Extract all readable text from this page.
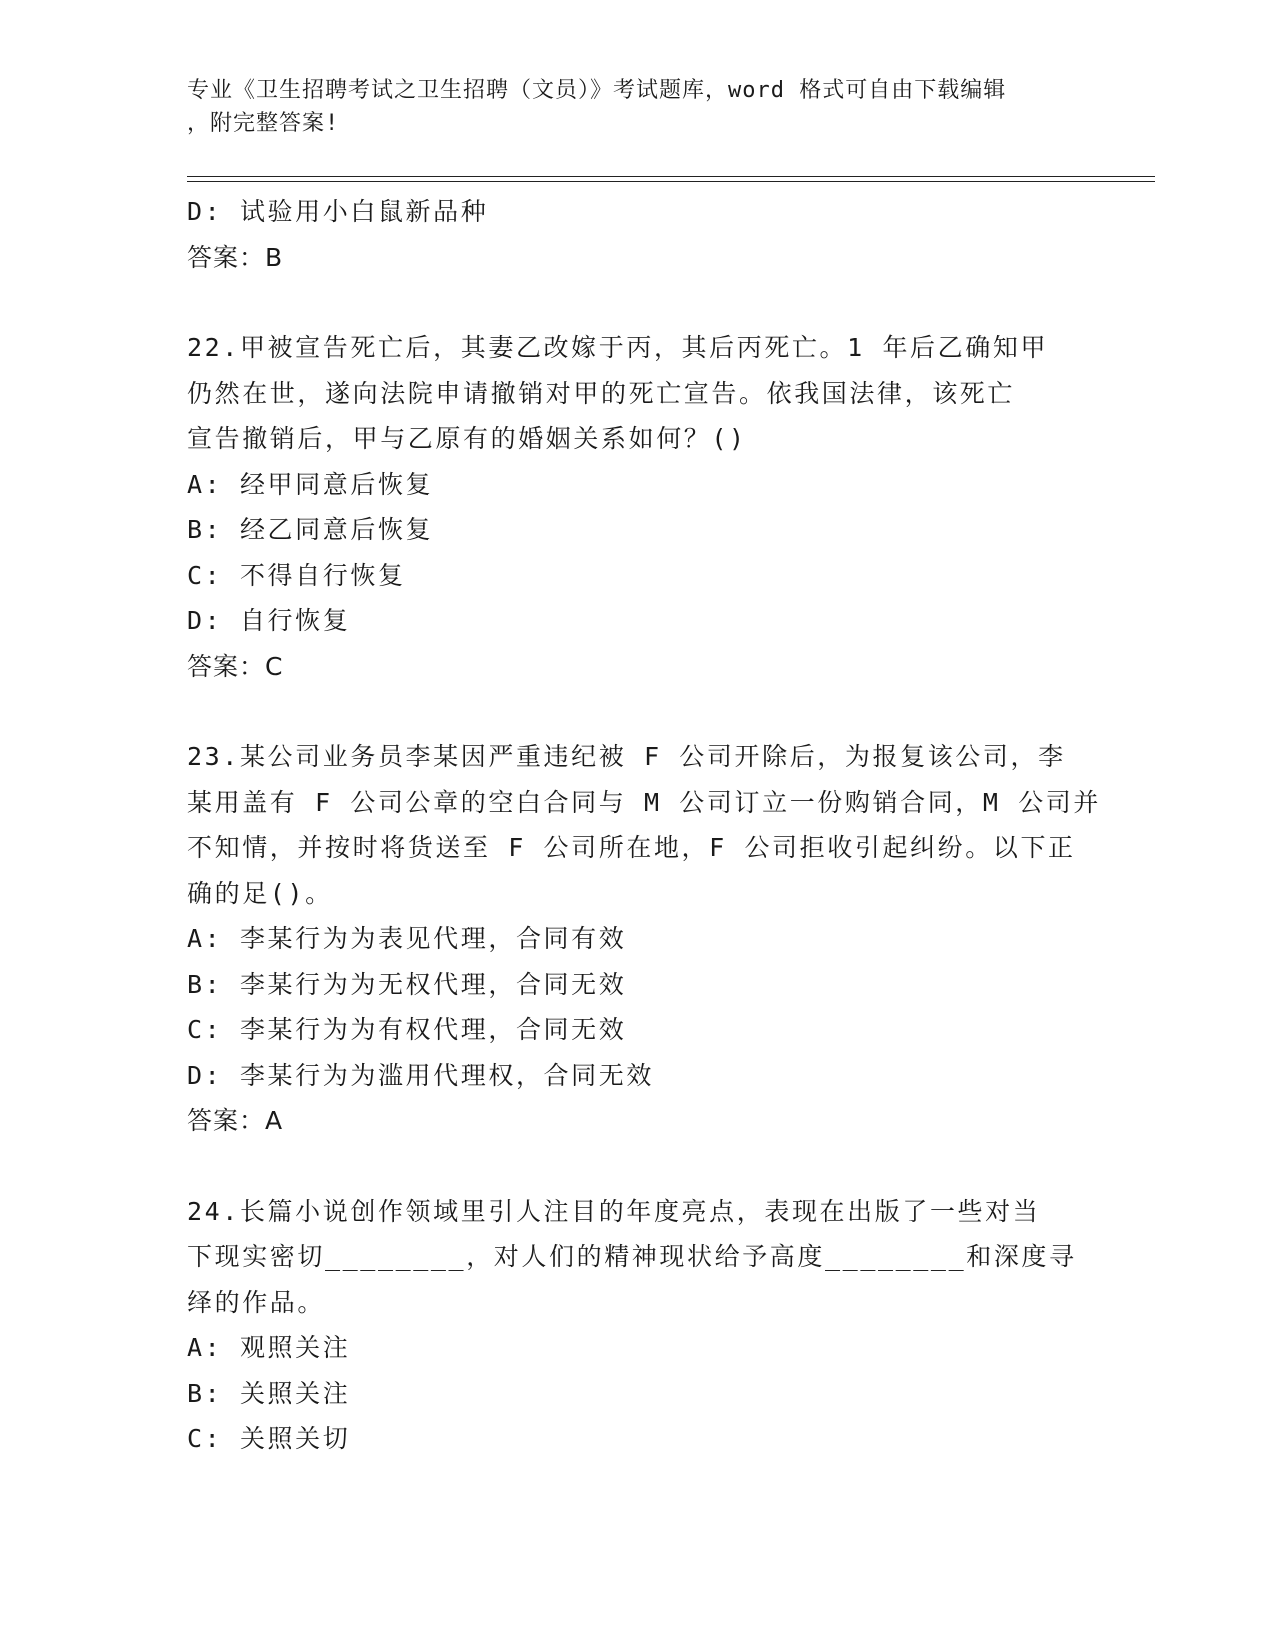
专业《卫生招聘考试之卫生招聘（文员）》考试题库，word 格式可自由下载编辑
，附完整答案!
D: 试验用小白鼠新品种
答案：B
22.甲被宣告死亡后，其妻乙改嫁于丙，其后丙死亡。1 年后乙确知甲
仍然在世，遂向法院申请撤销对甲的死亡宣告。依我国法律，该死亡
宣告撤销后，甲与乙原有的婚姻关系如何？()
A: 经甲同意后恢复
B: 经乙同意后恢复
C: 不得自行恢复
D: 自行恢复
答案：C
23.某公司业务员李某因严重违纪被 F 公司开除后，为报复该公司，李
某用盖有 F 公司公章的空白合同与 M 公司订立一份购销合同，M 公司并
不知情，并按时将货送至 F 公司所在地，F 公司拒收引起纠纷。以下正
确的足()。
A: 李某行为为表见代理，合同有效
B: 李某行为为无权代理，合同无效
C: 李某行为为有权代理，合同无效
D: 李某行为为滥用代理权，合同无效
答案：A
24.长篇小说创作领域里引人注目的年度亮点，表现在出版了一些对当
下现实密切________，对人们的精神现状给予高度________和深度寻
绎的作品。
A: 观照关注
B: 关照关注
C: 关照关切
